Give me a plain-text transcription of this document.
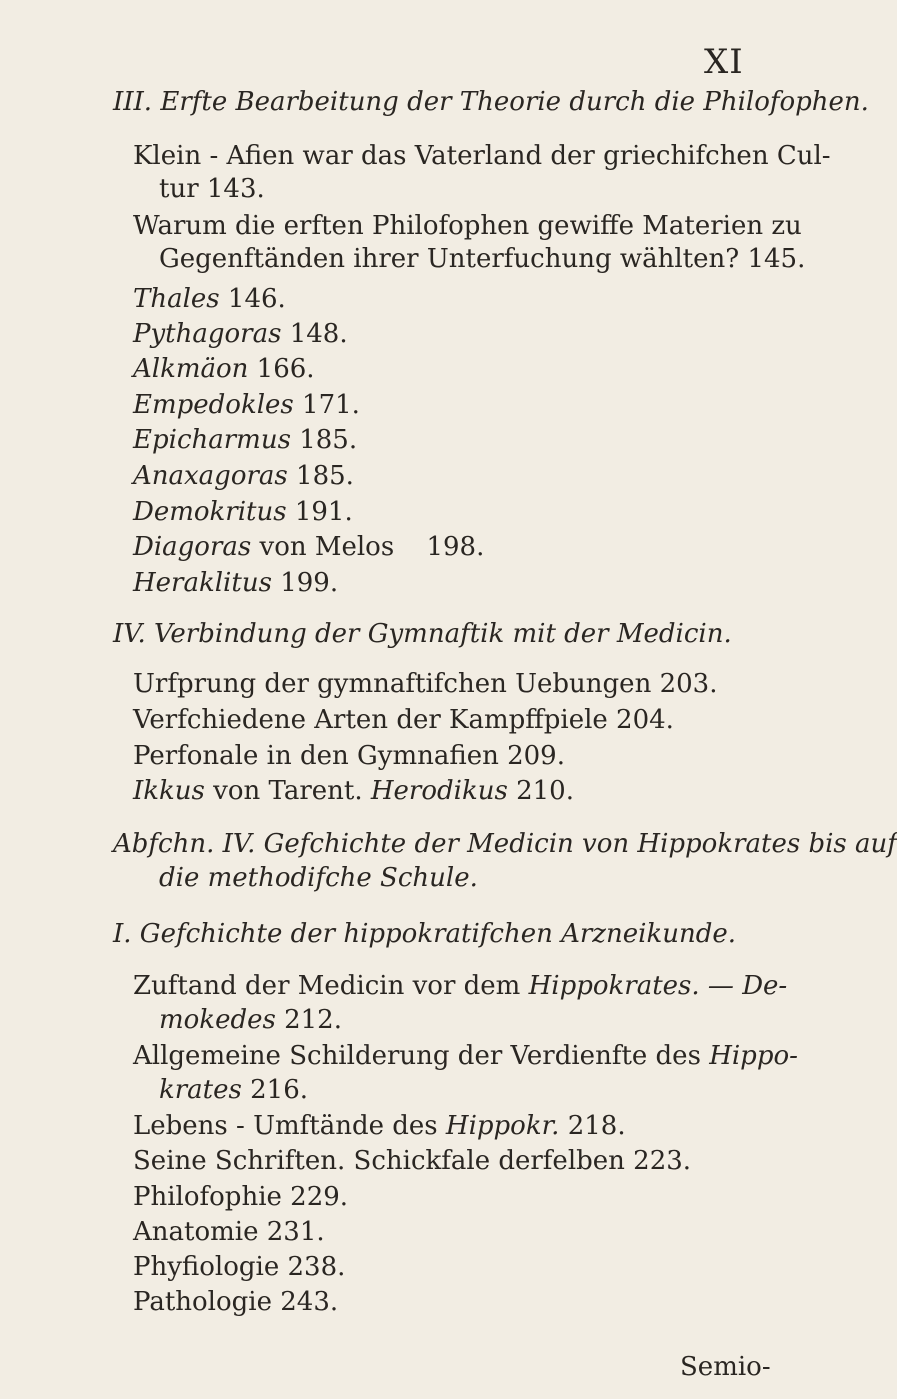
XI
III. Erfte Bearbeitung der Theorie durch die Philofophen.
Klein - Afien war das Vaterland der griechifchen Cul-
tur 143.
Warum die erften Philofophen gewiffe Materien zu
Gegenftänden ihrer Unterfuchung wählten? 145.
Thales 146.
Pythagoras 148.
Alkmäon 166.
Empedokles 171.
Epicharmus 185.
Anaxagoras 185.
Demokritus 191.
Diagoras von Melos 198.
Heraklitus 199.
IV. Verbindung der Gymnaftik mit der Medicin.
Urfprung der gymnaftifchen Uebungen 203.
Verfchiedene Arten der Kampffpiele 204.
Perfonale in den Gymnafien 209.
Ikkus von Tarent. Herodikus 210.
Abfchn. IV. Gefchichte der Medicin von Hippokrates bis auf
die methodifche Schule.
I. Gefchichte der hippokratifchen Arzneikunde.
Zuftand der Medicin vor dem Hippokrates. — De-
mokedes 212.
Allgemeine Schilderung der Verdienfte des Hippo-
krates 216.
Lebens - Umftände des Hippokr. 218.
Seine Schriften. Schickfale derfelben 223.
Philofophie 229.
Anatomie 231.
Phyfiologie 238.
Pathologie 243.
Semio-
